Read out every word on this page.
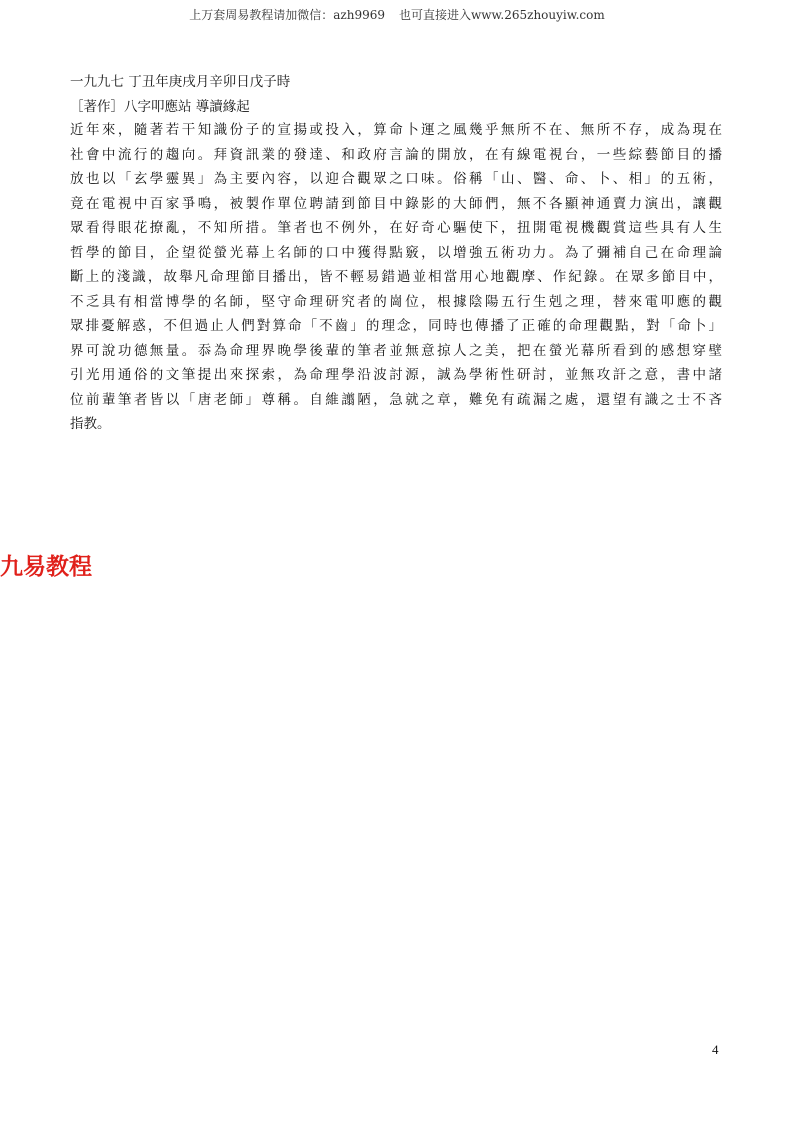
上万套周易教程请加微信：azh9969 也可直接进入www.265zhouyiw.com
一九九七 丁丑年庚戌月辛卯日戊子時
［著作］八字叩應站 導讀緣起
近年來，隨著若干知識份子的宣揚或投入，算命卜運之風幾乎無所不在、無所不存，成為現在
社會中流行的趨向。拜資訊業的發達、和政府言論的開放，在有線電視台，一些綜藝節目的播
放也以「玄學靈異」為主要內容，以迎合觀眾之口味。俗稱「山、醫、命、卜、相」的五術，
竟在電視中百家爭鳴，被製作單位聘請到節目中錄影的大師們，無不各顯神通賣力演出，讓觀
眾看得眼花撩亂，不知所措。筆者也不例外，在好奇心驅使下，扭開電視機觀賞這些具有人生
哲學的節目，企望從螢光幕上名師的口中獲得點竅，以增強五術功力。為了彌補自己在命理論
斷上的淺識，故舉凡命理節目播出，皆不輕易錯過並相當用心地觀摩、作紀錄。在眾多節目中，
不乏具有相當博學的名師，堅守命理研究者的崗位，根據陰陽五行生剋之理，替來電叩應的觀
眾排憂解惑，不但過止人們對算命「不齒」的理念，同時也傳播了正確的命理觀點，對「命卜」
界可說功德無量。忝為命理界晚學後輩的筆者並無意掠人之美，把在螢光幕所看到的感想穿壁
引光用通俗的文筆提出來探索，為命理學沿波討源，誠為學術性研討，並無攻訐之意，書中諸
位前輩筆者皆以「唐老師」尊稱。自維譾陋，急就之章，難免有疏漏之處，還望有識之士不吝
指教。
九易教程
4
